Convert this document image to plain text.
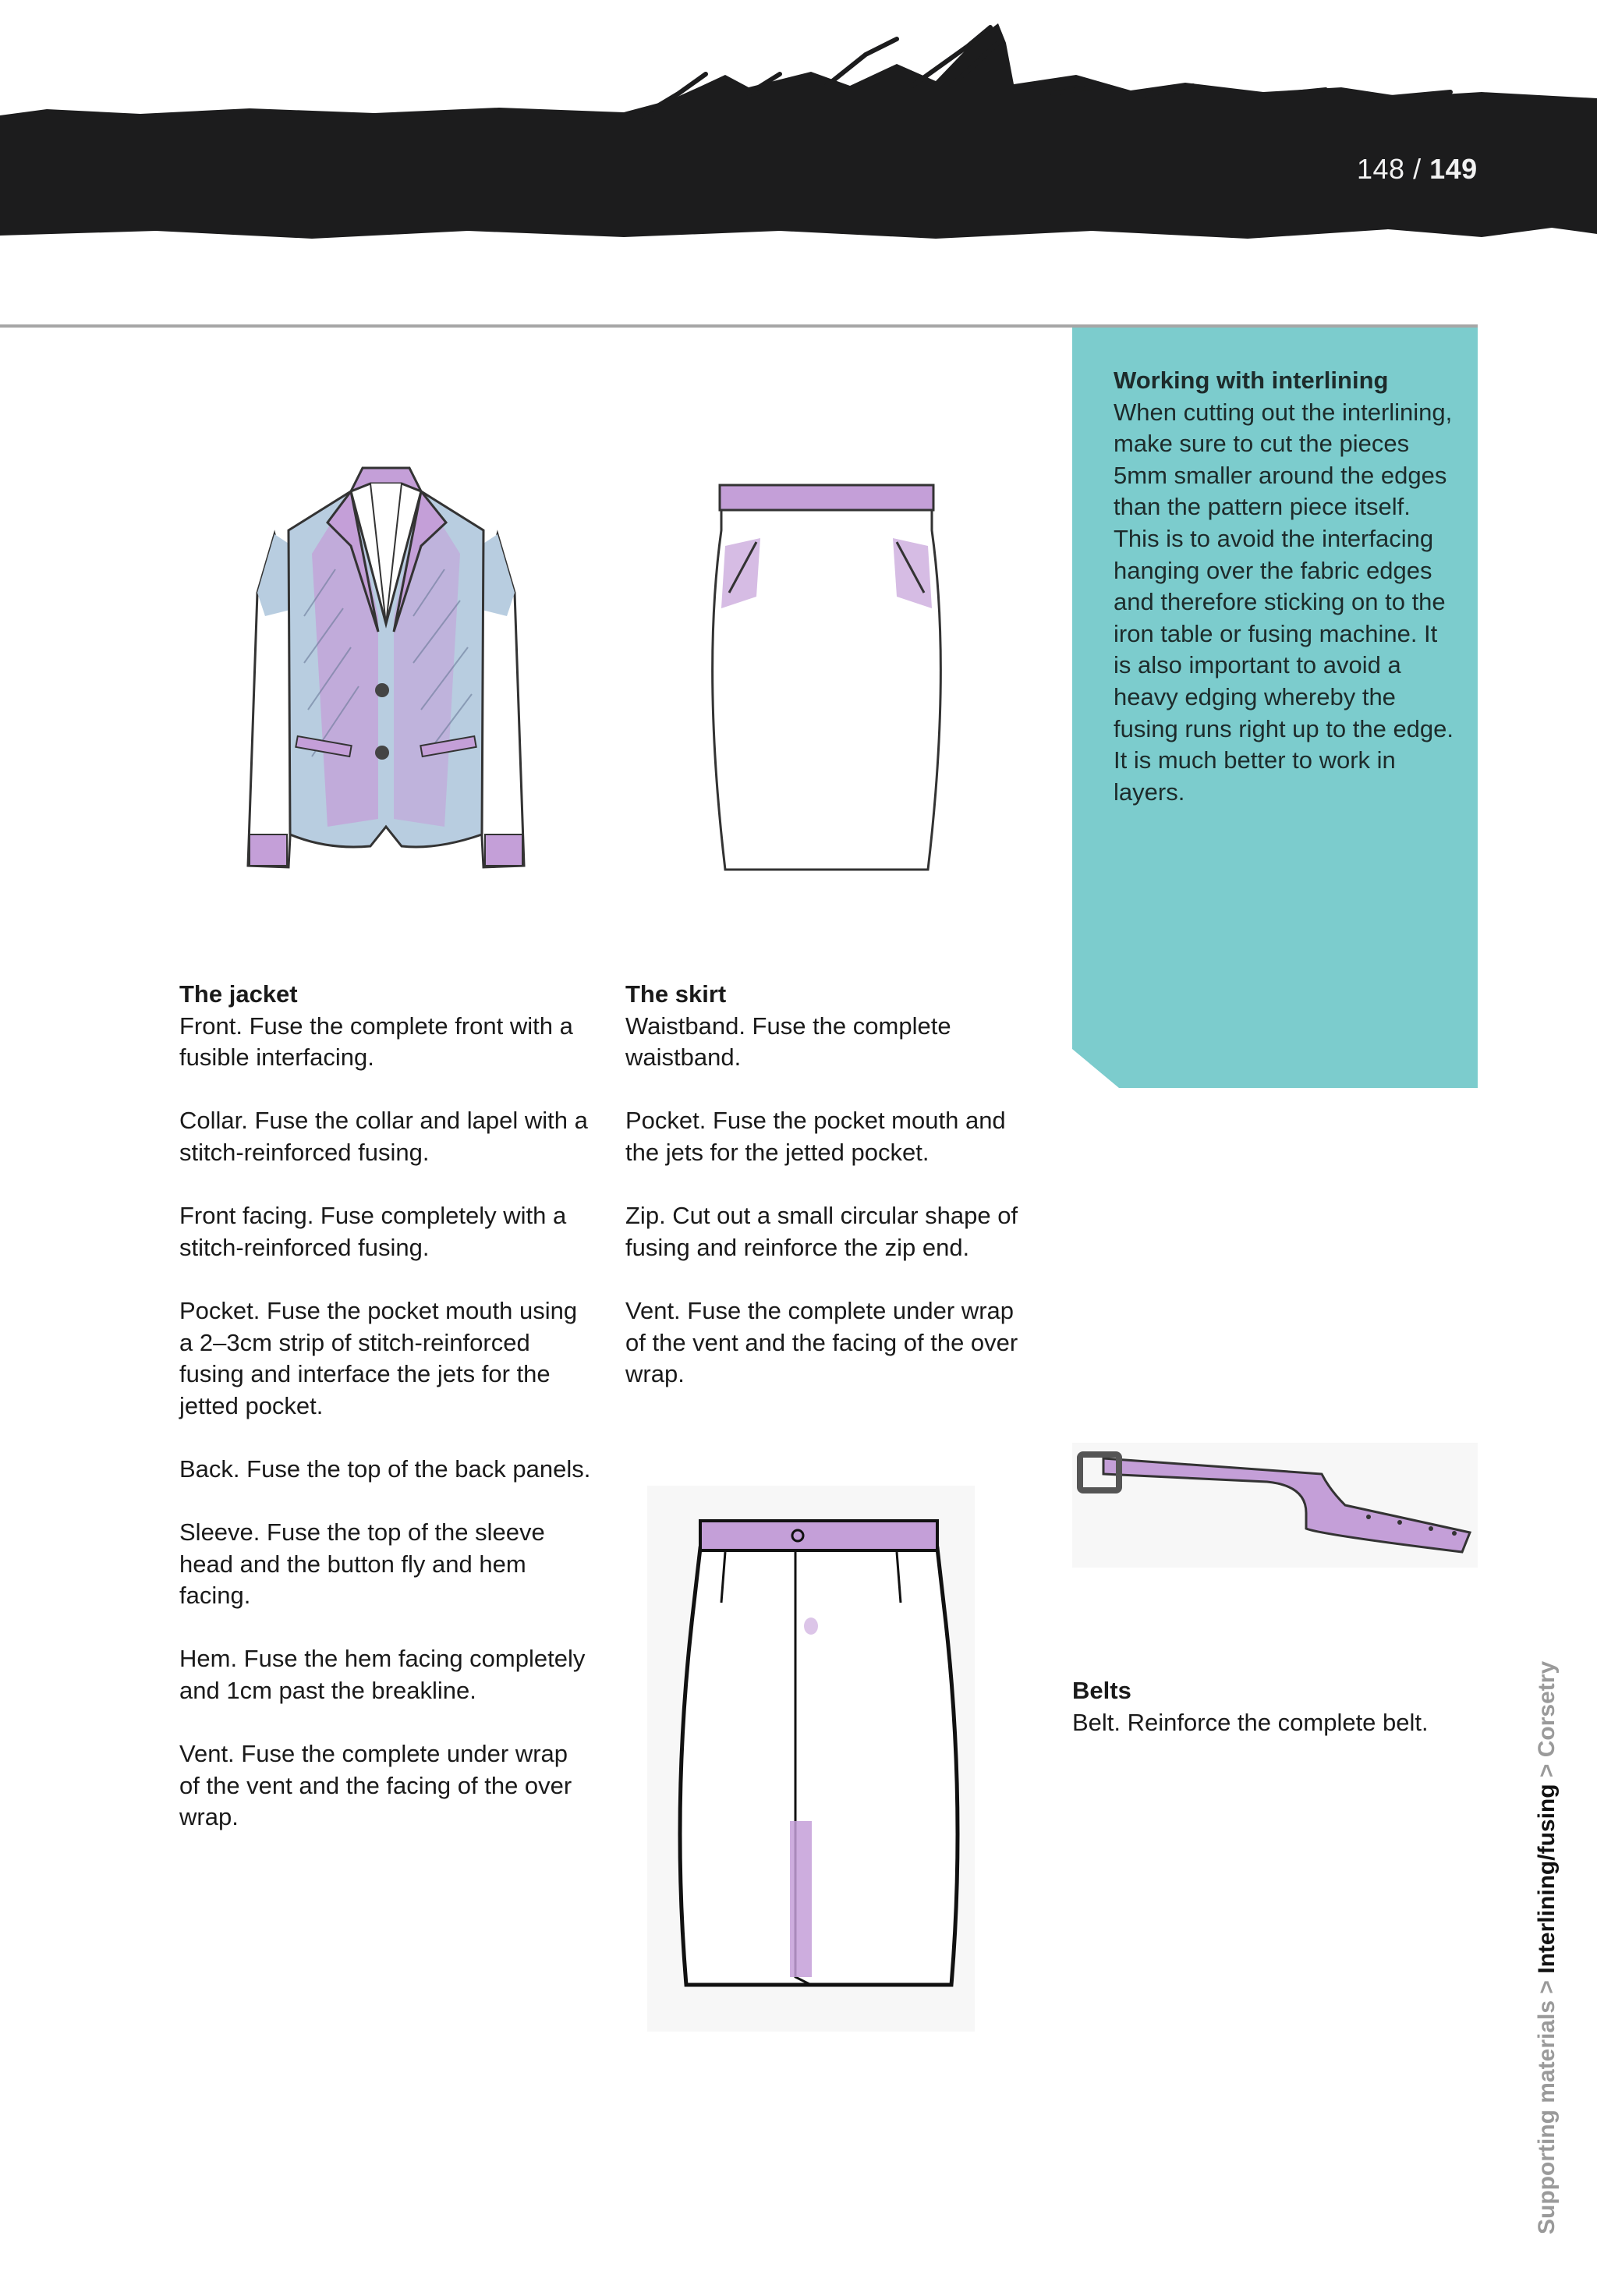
148 / 149
Working with interlining
When cutting out the interlining, make sure to cut the pieces 5mm smaller around the edges than the pattern piece itself. This is to avoid the interfacing hanging over the fabric edges and therefore sticking on to the iron table or fusing machine. It is also important to avoid a heavy edging whereby the fusing runs right up to the edge. It is much better to work in layers.

The jacket
Front. Fuse the complete front with a fusible interfacing.

Collar. Fuse the collar and lapel with a stitch-reinforced fusing.

Front facing. Fuse completely with a stitch-reinforced fusing.

Pocket. Fuse the pocket mouth using a 2–3cm strip of stitch-reinforced fusing and interface the jets for the jetted pocket.

Back. Fuse the top of the back panels.

Sleeve. Fuse the top of the sleeve head and the button fly and hem facing.

Hem. Fuse the hem facing completely and 1cm past the breakline.

Vent. Fuse the complete under wrap of the vent and the facing of the over wrap.

The skirt
Waistband. Fuse the complete waistband.

Pocket. Fuse the pocket mouth and the jets for the jetted pocket.

Zip. Cut out a small circular shape of fusing and reinforce the zip end.

Vent. Fuse the complete under wrap of the vent and the facing of the over wrap.

Belts
Belt. Reinforce the complete belt.
Supporting materials > Interlining/fusing > Corsetry
